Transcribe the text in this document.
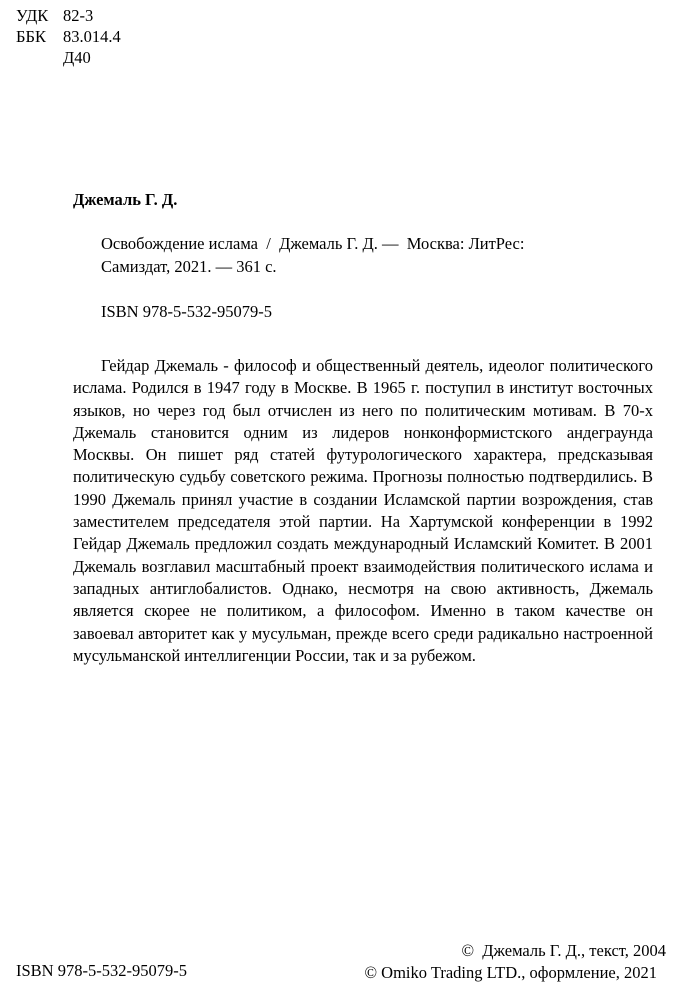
УДК 82-3
ББК	83.014.4
Д40
Джемаль Г. Д.
Освобождение ислама  /  Джемаль Г. Д. —  Москва: ЛитРес:
Самиздат, 2021. — 361 с.
ISBN 978-5-532-95079-5

Гейдар Джемаль - философ и общественный деятель, идеолог политического ислама. Родился в 1947 году в Москве. В 1965 г. поступил в институт восточных языков, но через год был отчислен из него по политическим мотивам. В 70-х Джемаль становится одним из лидеров нонконформистского андеграунда Москвы. Он пишет ряд статей футурологического характера, предсказывая политическую судьбу советского режима. Прогнозы полностью подтвердились. В 1990 Джемаль принял участие в создании Исламской партии возрождения, став заместителем председателя этой партии. На Хартумской конференции в 1992 Гейдар Джемаль предложил создать международный Исламский Комитет. В 2001 Джемаль возглавил масштабный проект взаимодействия политического ислама и западных антиглобалистов. Однако, несмотря на свою активность, Джемаль является скорее не политиком, а философом. Именно в таком качестве он завоевал авторитет как у мусульман, прежде всего среди радикально настроенной мусульманской интеллигенции России, так и за рубежом.

ISBN 978-5-532-95079-5
©  Джемаль Г. Д., текст, 2004
© Omiko Trading LTD., оформление, 2021
